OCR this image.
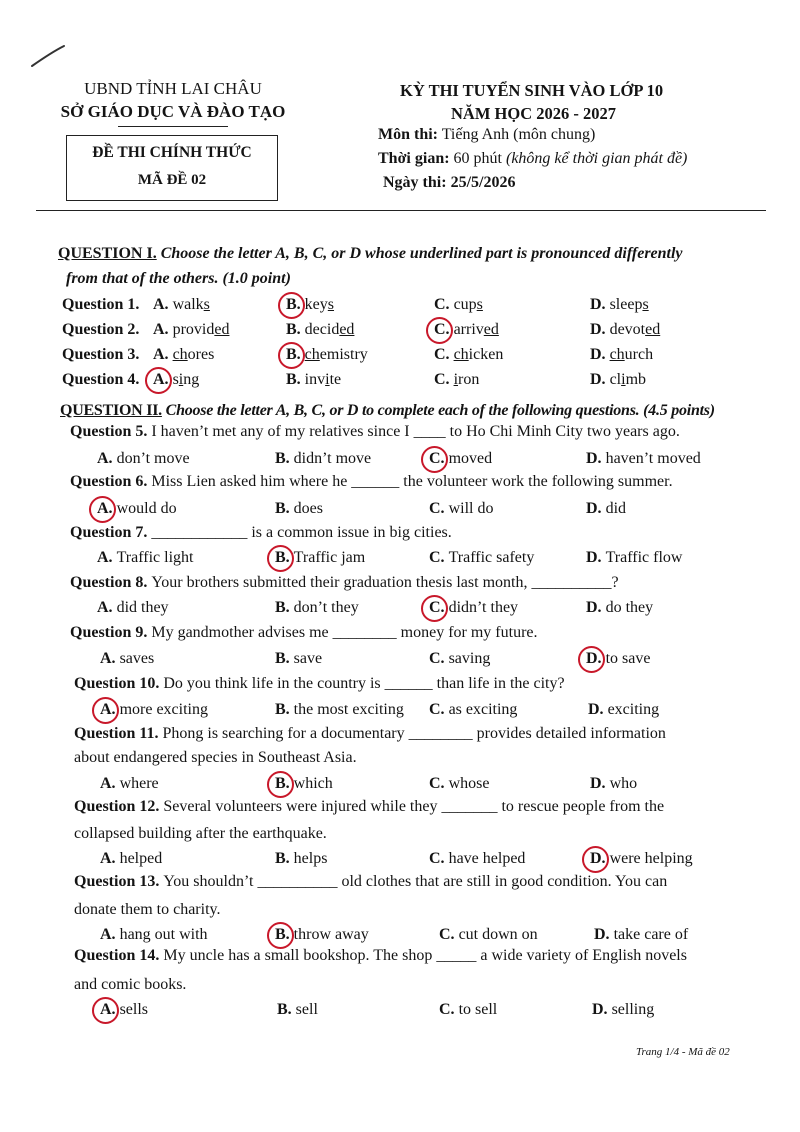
UBND TỈNH LAI CHÂU
SỞ GIÁO DỤC VÀ ĐÀO TẠO
ĐỀ THI CHÍNH THỨC
MÃ ĐỀ 02
KỲ THI TUYỂN SINH VÀO LỚP 10
NĂM HỌC 2026 - 2027
Môn thi: Tiếng Anh (môn chung)
Thời gian: 60 phút (không kể thời gian phát đề)
Ngày thi: 25/5/2026
QUESTION I. Choose the letter A, B, C, or D whose underlined part is pronounced differently
from that of the others. (1.0 point)
Question 1. A. walks	B. keys	C. cups	D. sleeps
Question 2. A. provided	B. decided	C. arrived	D. devoted
Question 3. A. chores	B. chemistry	C. chicken	D. church
Question 4. A. sing	B. invite	C. iron	D. climb
QUESTION II. Choose the letter A, B, C, or D to complete each of the following questions. (4.5 points)
Question 5. I haven’t met any of my relatives since I ____ to Ho Chi Minh City two years ago.
A. don’t move	B. didn’t move	C. moved	D. haven’t moved
Question 6. Miss Lien asked him where he ______ the volunteer work the following summer.
A. would do	B. does	C. will do	D. did
Question 7. ____________ is a common issue in big cities.
A. Traffic light	B. Traffic jam	C. Traffic safety	D. Traffic flow
Question 8. Your brothers submitted their graduation thesis last month, __________?
A. did they	B. don’t they	C. didn’t they	D. do they
Question 9. My gandmother advises me ________ money for my future.
A. saves	B. save	C. saving	D. to save
Question 10. Do you think life in the country is ______ than life in the city?
A. more exciting	B. the most exciting C. as exciting	D. exciting
Question 11. Phong is searching for a documentary ________ provides detailed information
about endangered species in Southeast Asia.
A. where	B. which	C. whose	D. who
Question 12. Several volunteers were injured while they _______ to rescue people from the
collapsed building after the earthquake.
A. helped	B. helps	C. have helped	D. were helping
Question 13. You shouldn’t __________ old clothes that are still in good condition. You can
donate them to charity.
A. hang out with	B. throw away	C. cut down on	D. take care of
Question 14. My uncle has a small bookshop. The shop _____ a wide variety of English novels
and comic books.
A. sells	B. sell	C. to sell	D. selling
Trang 1/4 - Mã đề 02
